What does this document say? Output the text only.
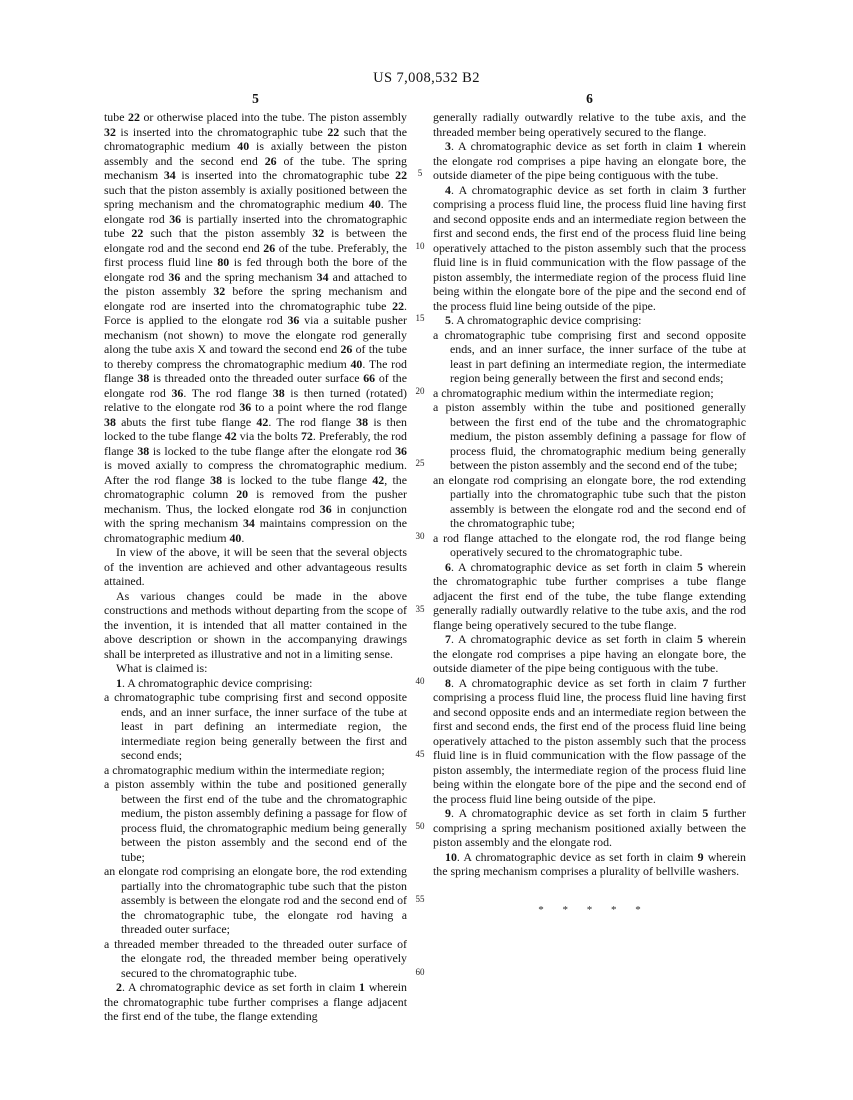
US 7,008,532 B2
5	6

tube 22 or otherwise placed into the tube. The piston assembly 32 is inserted into the chromatographic tube 22 such that the chromatographic medium 40 is axially between the piston assembly and the second end 26 of the tube. The spring mechanism 34 is inserted into the chromatographic tube 22 such that the piston assembly is axially positioned between the spring mechanism and the chromatographic medium 40. The elongate rod 36 is partially inserted into the chromatographic tube 22 such that the piston assembly 32 is between the elongate rod and the second end 26 of the tube. Preferably, the first process fluid line 80 is fed through both the bore of the elongate rod 36 and the spring mechanism 34 and attached to the piston assembly 32 before the spring mechanism and elongate rod are inserted into the chromatographic tube 22. Force is applied to the elongate rod 36 via a suitable pusher mechanism (not shown) to move the elongate rod generally along the tube axis X and toward the second end 26 of the tube to thereby compress the chromatographic medium 40. The rod flange 38 is threaded onto the threaded outer surface 66 of the elongate rod 36. The rod flange 38 is then turned (rotated) relative to the elongate rod 36 to a point where the rod flange 38 abuts the first tube flange 42. The rod flange 38 is then locked to the tube flange 42 via the bolts 72. Preferably, the rod flange 38 is locked to the tube flange after the elongate rod 36 is moved axially to compress the chromatographic medium. After the rod flange 38 is locked to the tube flange 42, the chromatographic column 20 is removed from the pusher mechanism. Thus, the locked elongate rod 36 in conjunction with the spring mechanism 34 maintains compression on the chromatographic medium 40.

In view of the above, it will be seen that the several objects of the invention are achieved and other advantageous results attained.

As various changes could be made in the above constructions and methods without departing from the scope of the invention, it is intended that all matter contained in the above description or shown in the accompanying drawings shall be interpreted as illustrative and not in a limiting sense.

What is claimed is:

1. A chromatographic device comprising:

a chromatographic tube comprising first and second opposite ends, and an inner surface, the inner surface of the tube at least in part defining an intermediate region, the intermediate region being generally between the first and second ends;

a chromatographic medium within the intermediate region;

a piston assembly within the tube and positioned generally between the first end of the tube and the chromatographic medium, the piston assembly defining a passage for flow of process fluid, the chromatographic medium being generally between the piston assembly and the second end of the tube;

an elongate rod comprising an elongate bore, the rod extending partially into the chromatographic tube such that the piston assembly is between the elongate rod and the second end of the chromatographic tube, the elongate rod having a threaded outer surface;

a threaded member threaded to the threaded outer surface of the elongate rod, the threaded member being operatively secured to the chromatographic tube.

2. A chromatographic device as set forth in claim 1 wherein the chromatographic tube further comprises a flange adjacent the first end of the tube, the flange extending

5
10
15
20
25
30
35
40
45
50
55
60

generally radially outwardly relative to the tube axis, and the threaded member being operatively secured to the flange.

3. A chromatographic device as set forth in claim 1 wherein the elongate rod comprises a pipe having an elongate bore, the outside diameter of the pipe being contiguous with the tube.

4. A chromatographic device as set forth in claim 3 further comprising a process fluid line, the process fluid line having first and second opposite ends and an intermediate region between the first and second ends, the first end of the process fluid line being operatively attached to the piston assembly such that the process fluid line is in fluid communication with the flow passage of the piston assembly, the intermediate region of the process fluid line being within the elongate bore of the pipe and the second end of the process fluid line being outside of the pipe.

5. A chromatographic device comprising:

a chromatographic tube comprising first and second opposite ends, and an inner surface, the inner surface of the tube at least in part defining an intermediate region, the intermediate region being generally between the first and second ends;

a chromatographic medium within the intermediate region;

a piston assembly within the tube and positioned generally between the first end of the tube and the chromatographic medium, the piston assembly defining a passage for flow of process fluid, the chromatographic medium being generally between the piston assembly and the second end of the tube;

an elongate rod comprising an elongate bore, the rod extending partially into the chromatographic tube such that the piston assembly is between the elongate rod and the second end of the chromatographic tube;

a rod flange attached to the elongate rod, the rod flange being operatively secured to the chromatographic tube.

6. A chromatographic device as set forth in claim 5 wherein the chromatographic tube further comprises a tube flange adjacent the first end of the tube, the tube flange extending generally radially outwardly relative to the tube axis, and the rod flange being operatively secured to the tube flange.

7. A chromatographic device as set forth in claim 5 wherein the elongate rod comprises a pipe having an elongate bore, the outside diameter of the pipe being contiguous with the tube.

8. A chromatographic device as set forth in claim 7 further comprising a process fluid line, the process fluid line having first and second opposite ends and an intermediate region between the first and second ends, the first end of the process fluid line being operatively attached to the piston assembly such that the process fluid line is in fluid communication with the flow passage of the piston assembly, the intermediate region of the process fluid line being within the elongate bore of the pipe and the second end of the process fluid line being outside of the pipe.

9. A chromatographic device as set forth in claim 5 further comprising a spring mechanism positioned axially between the piston assembly and the elongate rod.

10. A chromatographic device as set forth in claim 9 wherein the spring mechanism comprises a plurality of bellville washers.

* * * * *
